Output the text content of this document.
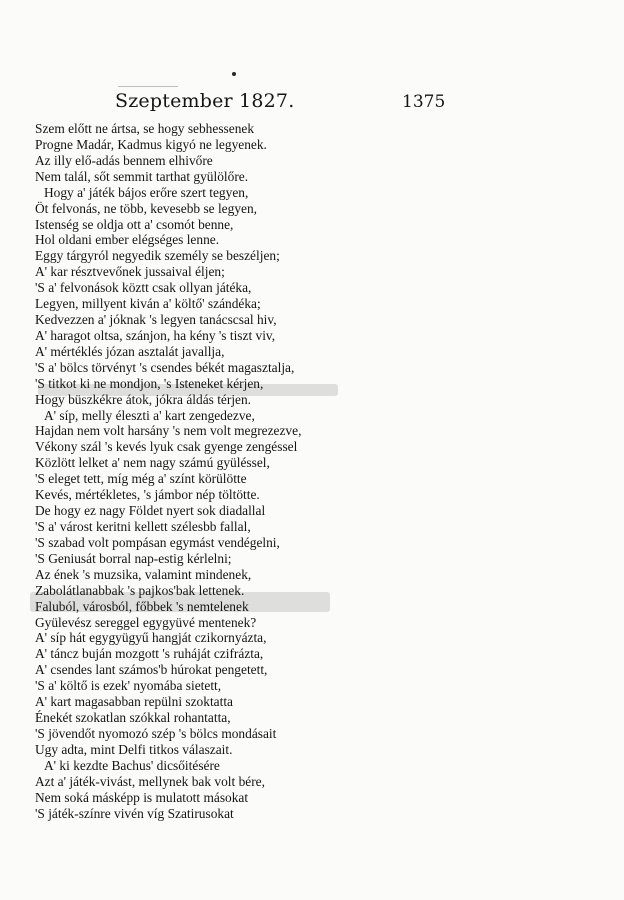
Szeptember 1827.	1375
Szem előtt ne ártsa, se hogy sebhessenek
Progne Madár, Kadmus kigyó ne legyenek.
Az illy elő-adás bennem elhivőre
Nem talál, sőt semmit tarthat gyülölőre.
Hogy a' játék bájos erőre szert tegyen,
Öt felvonás, ne több, kevesebb se legyen,
Istenség se oldja ott a' csomót benne,
Hol oldani ember elégséges lenne.
Eggy tárgyról negyedik személy se beszéljen;
A' kar résztvevőnek jussaival éljen;
'S a' felvonások köztt csak ollyan játéka,
Legyen, millyent kiván a' költő' szándéka;
Kedvezzen a' jóknak 's legyen tanácscsal hiv,
A' haragot oltsa, szánjon, ha kény 's tiszt viv,
A' mértéklés józan asztalát javallja,
'S a' bölcs törvényt 's csendes békét magasztalja,
'S titkot ki ne mondjon, 's Isteneket kérjen,
Hogy büszkékre átok, jókra áldás térjen.
A' síp, melly éleszti a' kart zengedezve,
Hajdan nem volt harsány 's nem volt megrezezve,
Vékony szál 's kevés lyuk csak gyenge zengéssel
Közlött lelket a' nem nagy számú gyüléssel,
'S eleget tett, míg még a' színt körülötte
Kevés, mértékletes, 's jámbor nép töltötte.
De hogy ez nagy Földet nyert sok diadallal
'S a' várost keritni kellett szélesbb fallal,
'S szabad volt pompásan egymást vendégelni,
'S Geniusát borral nap-estig kérlelni;
Az ének 's muzsika, valamint mindenek,
Zabolátlanabbak 's pajkos'bak lettenek.
Faluból, városból, főbbek 's nemtelenek
Gyülevész sereggel egygyüvé mentenek?
A' síp hát egygyügyű hangját czikornyázta,
A' táncz buján mozgott 's ruháját czifrázta,
A' csendes lant számos'b húrokat pengetett,
'S a' költő is ezek' nyomába sietett,
A' kart magasabban repülni szoktatta
Énekét szokatlan szókkal rohantatta,
'S jövendőt nyomozó szép 's bölcs mondásait
Ugy adta, mint Delfi titkos válaszait.
A' ki kezdte Bachus' dicsőitésére
Azt a' játék-vivást, mellynek bak volt bére,
Nem soká másképp is mulatott másokat
'S játék-színre vivén víg Szatirusokat
